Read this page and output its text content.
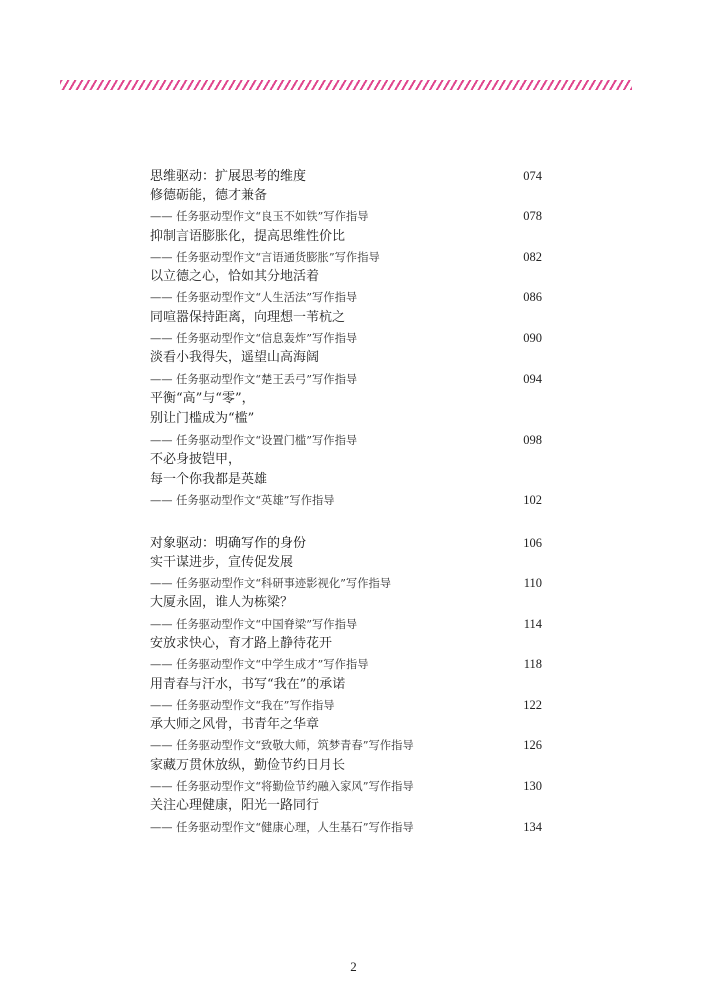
思维驱动：扩展思考的维度	074
修德砺能，德才兼备
—— 任务驱动型作文“良玉不如铁”写作指导	078
抑制言语膨胀化，提高思维性价比
—— 任务驱动型作文“言语通货膨胀”写作指导	082
以立德之心，恰如其分地活着
—— 任务驱动型作文“人生活法”写作指导	086
同喧嚣保持距离，向理想一苇杭之
—— 任务驱动型作文“信息轰炸”写作指导	090
淡看小我得失，遥望山高海阔
—— 任务驱动型作文“楚王丢弓”写作指导	094
平衡“高”与“零”，
别让门槛成为“槛”
—— 任务驱动型作文“设置门槛”写作指导	098
不必身披铠甲，
每一个你我都是英雄
—— 任务驱动型作文“英雄”写作指导	102
对象驱动：明确写作的身份	106
实干谋进步，宣传促发展
—— 任务驱动型作文“科研事迹影视化”写作指导	110
大厦永固，谁人为栋梁？
—— 任务驱动型作文“中国脊梁”写作指导	114
安放求快心，育才路上静待花开
—— 任务驱动型作文“中学生成才”写作指导	118
用青春与汗水，书写“我在”的承诺
—— 任务驱动型作文“我在”写作指导	122
承大师之风骨，书青年之华章
—— 任务驱动型作文“致敬大师，筑梦青春”写作指导	126
家藏万贯休放纵，勤俭节约日月长
—— 任务驱动型作文“将勤俭节约融入家风”写作指导	130
关注心理健康，阳光一路同行
—— 任务驱动型作文“健康心理，人生基石”写作指导	134
2
